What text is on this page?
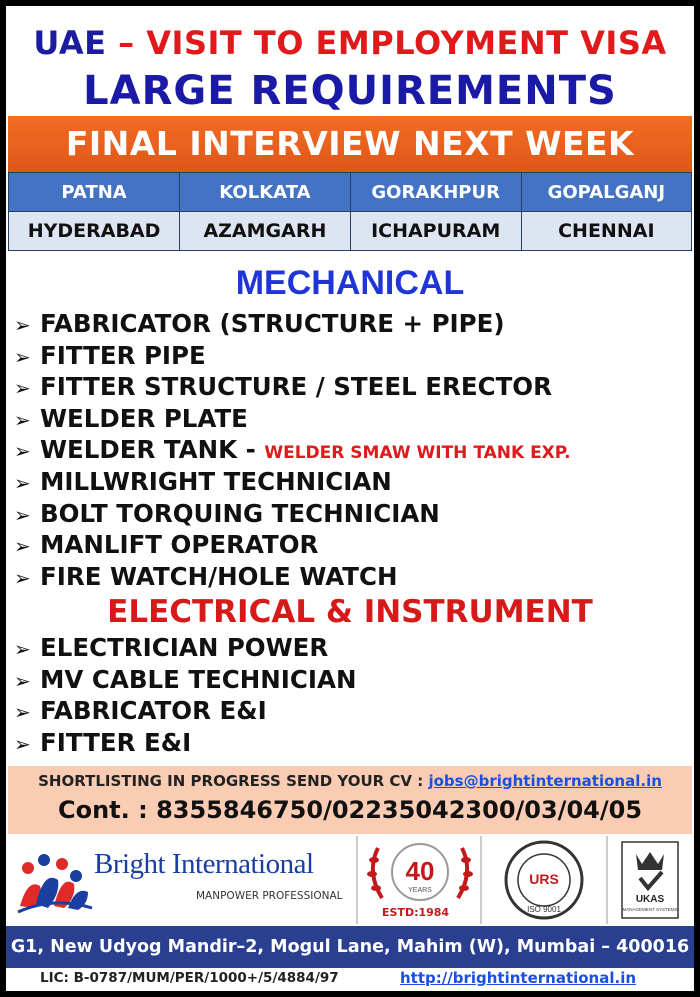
UAE – VISIT TO EMPLOYMENT VISA
LARGE REQUIREMENTS
FINAL INTERVIEW NEXT WEEK
PATNA	KOLKATA	GORAKHPUR	GOPALGANJ
HYDERABAD	AZAMGARH	ICHAPURAM	CHENNAI
MECHANICAL
➢ FABRICATOR (STRUCTURE + PIPE)
➢ FITTER PIPE
➢ FITTER STRUCTURE / STEEL ERECTOR
➢ WELDER PLATE
➢ WELDER TANK - WELDER SMAW WITH TANK EXP.
➢ MILLWRIGHT TECHNICIAN
➢ BOLT TORQUING TECHNICIAN
➢ MANLIFT OPERATOR
➢ FIRE WATCH/HOLE WATCH
ELECTRICAL & INSTRUMENT
➢ ELECTRICIAN POWER
➢ MV CABLE TECHNICIAN
➢ FABRICATOR E&I
➢ FITTER E&I
SHORTLISTING IN PROGRESS SEND YOUR CV : jobs@brightinternational.in
Cont. : 8355846750/02235042300/03/04/05
Bright International
MANPOWER PROFESSIONAL
40
YEARS
ESTD:1984
URS
ISO 9001
UKAS
MANAGEMENT SYSTEMS
G1, New Udyog Mandir–2, Mogul Lane, Mahim (W), Mumbai – 400016
LIC: B-0787/MUM/PER/1000+/5/4884/97	http://brightinternational.in
